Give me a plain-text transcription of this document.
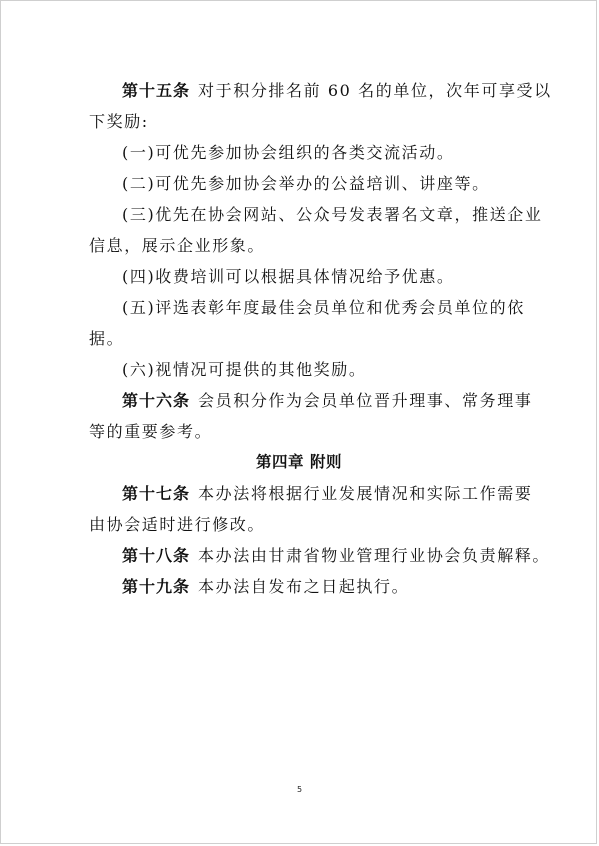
第十五条 对于积分排名前 60 名的单位，次年可享受以
下奖励:
(一)可优先参加协会组织的各类交流活动。
(二)可优先参加协会举办的公益培训、讲座等。
(三)优先在协会网站、公众号发表署名文章，推送企业
信息，展示企业形象。
(四)收费培训可以根据具体情况给予优惠。
(五)评选表彰年度最佳会员单位和优秀会员单位的依
据。
(六)视情况可提供的其他奖励。
第十六条 会员积分作为会员单位晋升理事、常务理事
等的重要参考。
第四章 附则
第十七条 本办法将根据行业发展情况和实际工作需要
由协会适时进行修改。
第十八条 本办法由甘肃省物业管理行业协会负责解释。
第十九条 本办法自发布之日起执行。
5
